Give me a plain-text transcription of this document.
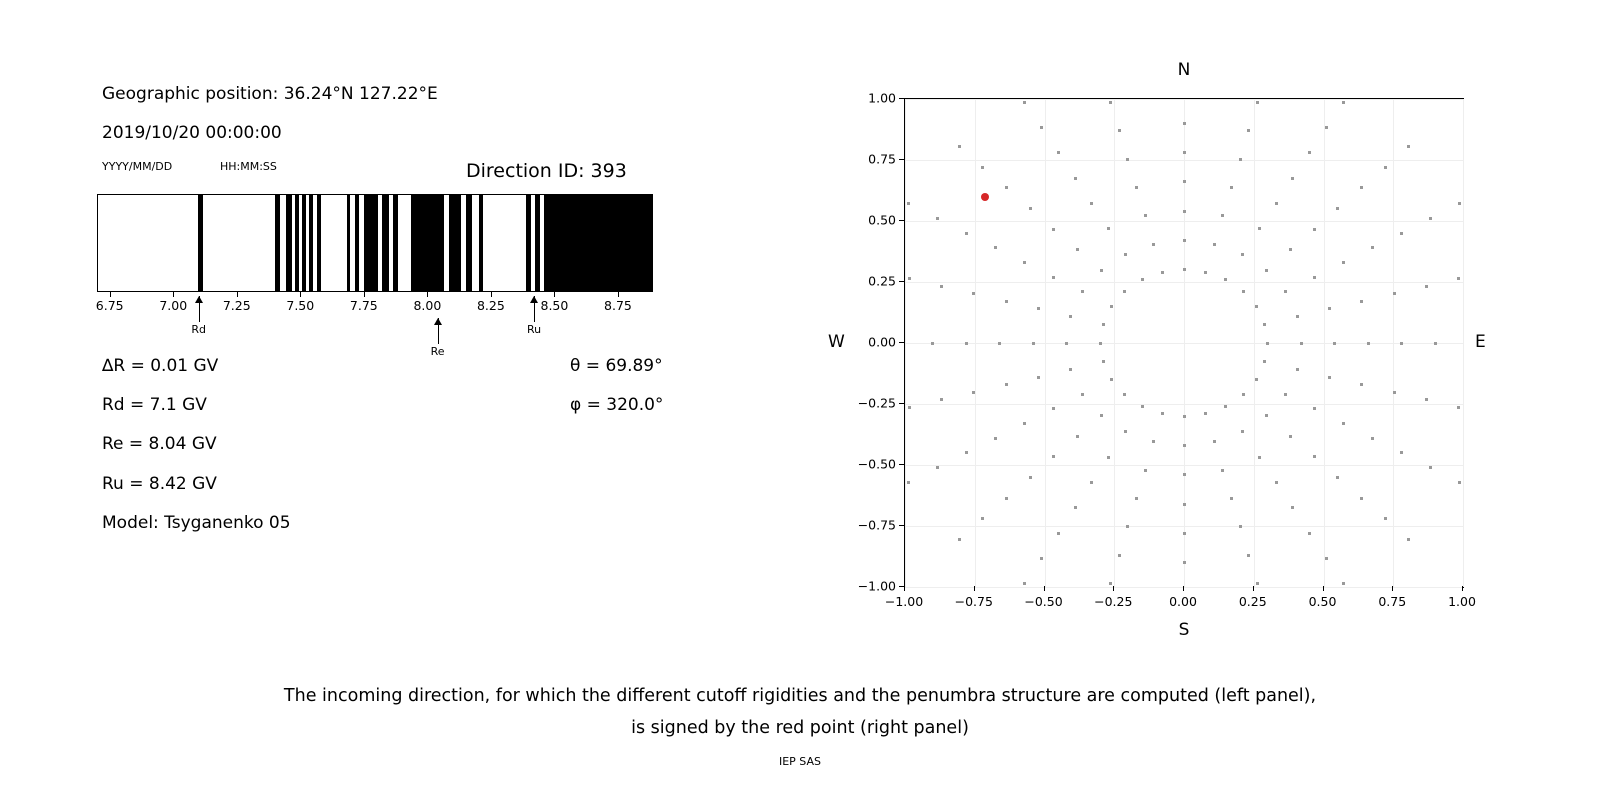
Geographic position: 36.24°N 127.22°E
2019/10/20 00:00:00
YYYY/MM/DD	HH:MM:SS	Direction ID: 393
6.75	7.00	7.25	7.50	7.75	8.00	8.25	8.50	8.75
Rd
Re
Ru
∆R = 0.01 GV
Rd = 7.1 GV
Re = 8.04 GV
Ru = 8.42 GV
Model: Tsyganenko 05
θ = 69.89°
φ = 320.0°
N
S
W	E
−1.00
−0.75
−0.50
−0.25
0.00
0.25
0.50
0.75
1.00
−1.00	−0.75	−0.50	−0.25	0.00	0.25	0.50	0.75	1.00
The incoming direction, for which the different cutoff rigidities and the penumbra structure are computed (left panel),
is signed by the red point (right panel)
IEP SAS
